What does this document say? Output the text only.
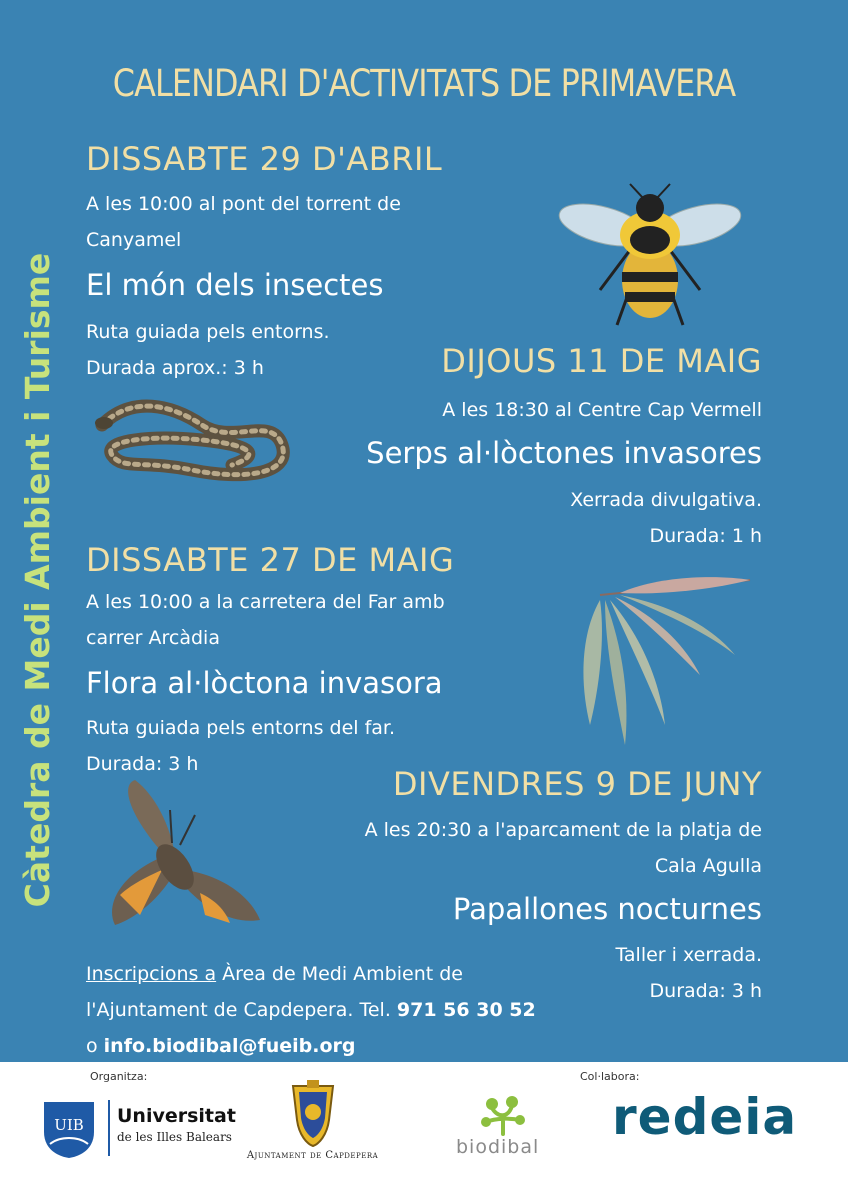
Càtedra de Medi Ambient i Turisme
CALENDARI D'ACTIVITATS DE PRIMAVERA
DISSABTE 29 D'ABRIL
A les 10:00 al pont del torrent de
Canyamel
El món dels insectes
Ruta guiada pels entorns.
Durada aprox.: 3 h	DIJOUS 11 DE MAIG
A les 18:30 al Centre Cap Vermell
Serps al·lòctones invasores
Xerrada divulgativa.
Durada: 1 h
DISSABTE 27 DE MAIG
A les 10:00 a la carretera del Far amb
carrer Arcàdia
Flora al·lòctona invasora
Ruta guiada pels entorns del far.
Durada: 3 h
DIVENDRES 9 DE JUNY
A les 20:30 a l'aparcament de la platja de
Cala Agulla
Papallones nocturnes
Taller i xerrada.
Durada: 3 h
Inscripcions a Àrea de Medi Ambient de
l'Ajuntament de Capdepera. Tel. 971 56 30 52
o info.biodibal@fueib.org
Organitza:	Col·labora:
UIB	Universitat
de les Illes Balears
Ajuntament de Capdepera	biodibal
redeia
